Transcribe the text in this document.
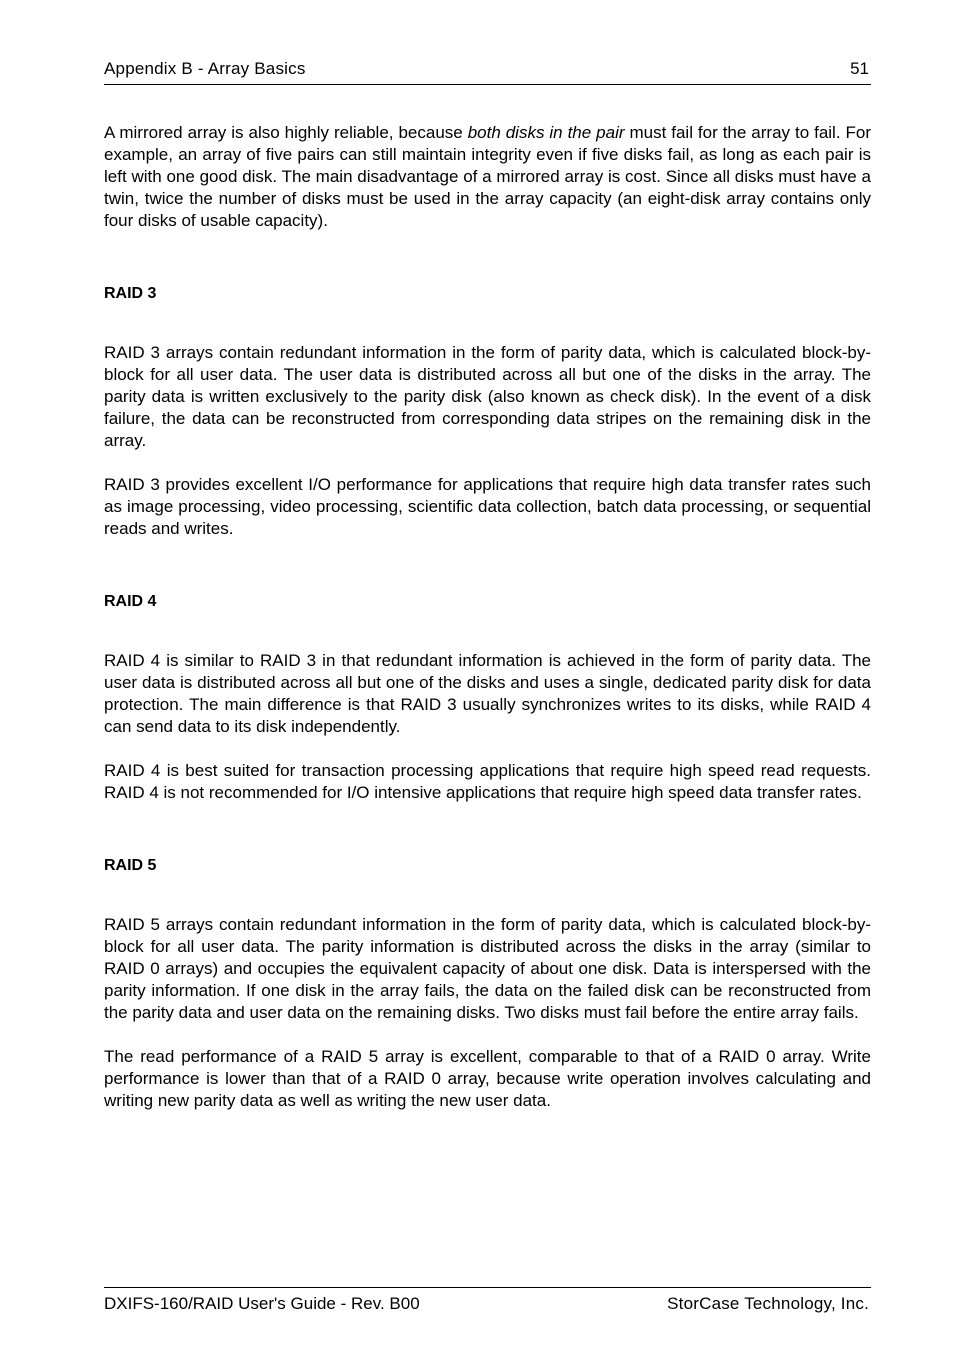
Appendix B - Array Basics	51

A mirrored array is also highly reliable, because both disks in the pair must fail for the array to fail. For example, an array of five pairs can still maintain integrity even if five disks fail, as long as each pair is left with one good disk. The main disadvantage of a mirrored array is cost. Since all disks must have a twin, twice the number of disks must be used in the array capacity (an eight-disk array contains only four disks of usable capacity).

RAID 3

RAID 3 arrays contain redundant information in the form of parity data, which is calculated block-by-block for all user data. The user data is distributed across all but one of the disks in the array. The parity data is written exclusively to the parity disk (also known as check disk). In the event of a disk failure, the data can be reconstructed from corresponding data stripes on the remaining disk in the array.

RAID 3 provides excellent I/O performance for applications that require high data transfer rates such as image processing, video processing, scientific data collection, batch data processing, or sequential reads and writes.

RAID 4

RAID 4 is similar to RAID 3 in that redundant information is achieved in the form of parity data. The user data is distributed across all but one of the disks and uses a single, dedicated parity disk for data protection. The main difference is that RAID 3 usually synchronizes writes to its disks, while RAID 4 can send data to its disk independently.

RAID 4 is best suited for transaction processing applications that require high speed read requests. RAID 4 is not recommended for I/O intensive applications that require high speed data transfer rates.

RAID 5

RAID 5 arrays contain redundant information in the form of parity data, which is calculated block-by-block for all user data. The parity information is distributed across the disks in the array (similar to RAID 0 arrays) and occupies the equivalent capacity of about one disk. Data is interspersed with the parity information. If one disk in the array fails, the data on the failed disk can be reconstructed from the parity data and user data on the remaining disks. Two disks must fail before the entire array fails.

The read performance of a RAID 5 array is excellent, comparable to that of a RAID 0 array. Write performance is lower than that of a RAID 0 array, because write operation involves calculating and writing new parity data as well as writing the new user data.

DXIFS-160/RAID User's Guide - Rev. B00	StorCase Technology, Inc.
